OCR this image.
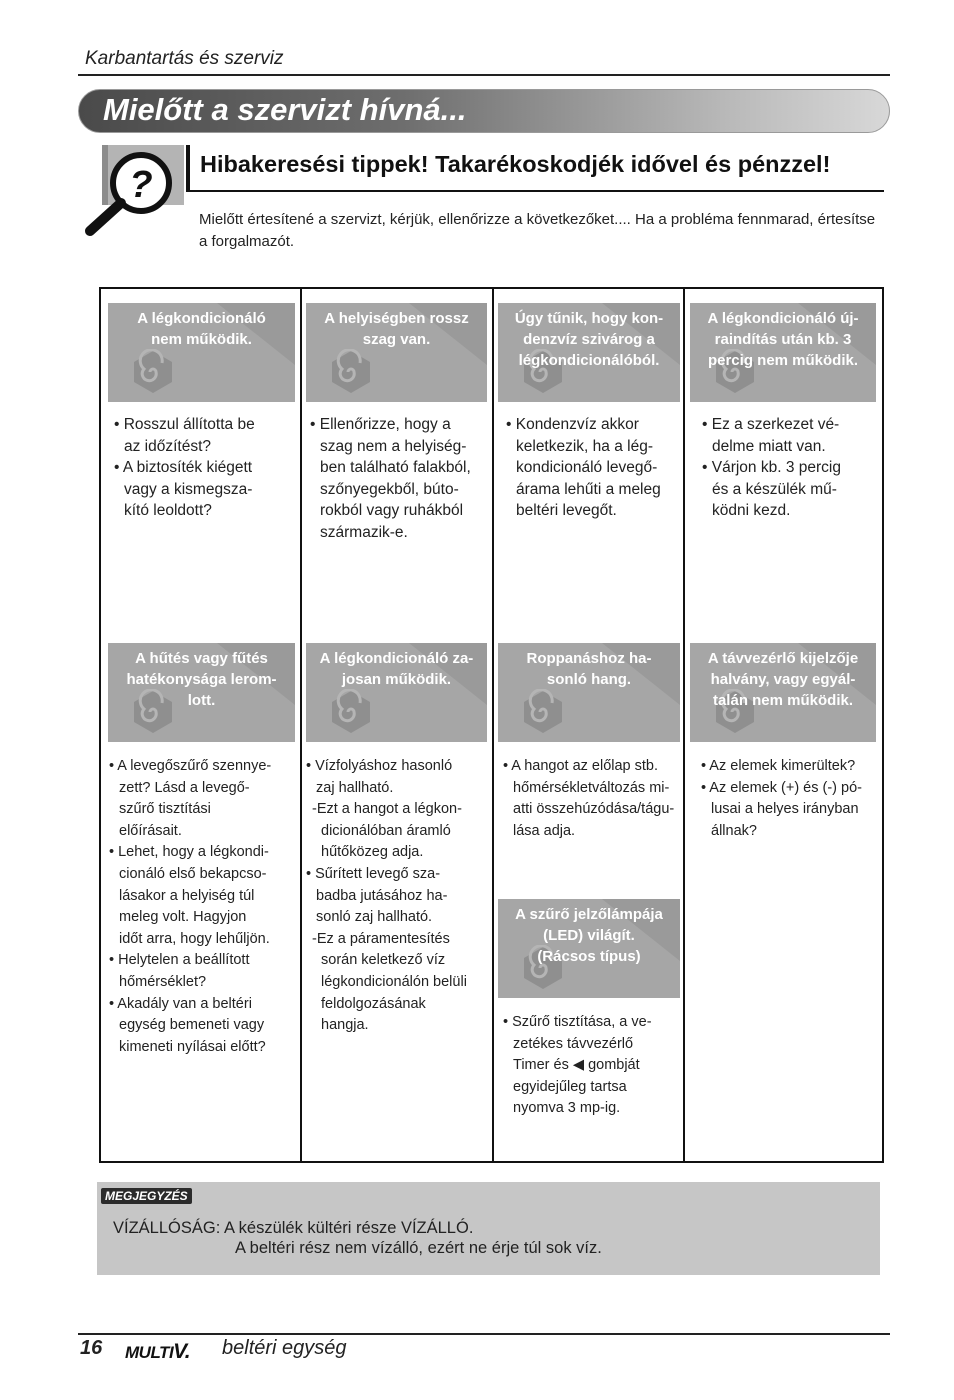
Karbantartás és szerviz
Mielőtt a szervizt hívná...
? Hibakeresési tippek! Takarékoskodjék idővel és pénzzel!
Mielőtt értesítené a szervizt, kérjük, ellenőrizze a következőket.... Ha a probléma fennmarad, értesítse a forgalmazót.
A légkondicionáló
nem működik.
A helyiségben rossz
szag van.
Úgy tűnik, hogy kon-
denzvíz szivárog a
légkondicionálóból.
A légkondicionáló új-
raindítás után kb. 3
percig nem működik.

• Rosszul állította be

az időzítést?

• A biztosíték kiégett

vagy a kismegsza-

kító leoldott?

• Ellenőrizze, hogy a

szag nem a helyiség-

ben található falakból,

szőnyegekből, búto-

rokból vagy ruhákból

származik-e.

• Kondenzvíz akkor

keletkezik, ha a lég-

kondicionáló levegő-

árama lehűti a meleg

beltéri levegőt.

• Ez a szerkezet vé-

delme miatt van.

• Várjon kb. 3 percig

és a készülék mű-

ködni kezd.

A hűtés vagy fűtés
hatékonysága lerom-
lott.
A légkondicionáló za-
josan működik.
Roppanáshoz ha-
sonló hang.
A távvezérlő kijelzője
halvány, vagy egyál-
talán nem működik.

• A levegőszűrő szennye-

zett? Lásd a levegő-

szűrő tisztítási

előírásait.

• Lehet, hogy a légkondi-

cionáló első bekapcso-

lásakor a helyiség túl

meleg volt. Hagyjon

időt arra, hogy lehűljön.

• Helytelen a beállított

hőmérséklet?

• Akadály van a beltéri

egység bemeneti vagy

kimeneti nyílásai előtt?

• Vízfolyáshoz hasonló

zaj hallható.

-Ezt a hangot a légkon-

dicionálóban áramló

hűtőközeg adja.

• Sűrített levegő sza-

badba jutásához ha-

sonló zaj hallható.

-Ez a páramentesítés

során keletkező víz

légkondicionálón belüli

feldolgozásának

hangja.

• A hangot az előlap stb.

hőmérsékletváltozás mi-

atti összehúzódása/tágu-

lása adja.

• Az elemek kimerültek?

• Az elemek (+) és (-) pó-

lusai a helyes irányban

állnak?

A szűrő jelzőlámpája
(LED) világít.
(Rácsos típus)

• Szűrő tisztítása, a ve-

zetékes távvezérlő

Timer és ◀ gombját

egyidejűleg tartsa

nyomva 3 mp-ig.

MEGJEGYZÉS
VÍZÁLLÓSÁG: A készülék kültéri része VÍZÁLLÓ.
A beltéri rész nem vízálló, ezért ne érje túl sok víz.
16 MULTIV. beltéri egység
